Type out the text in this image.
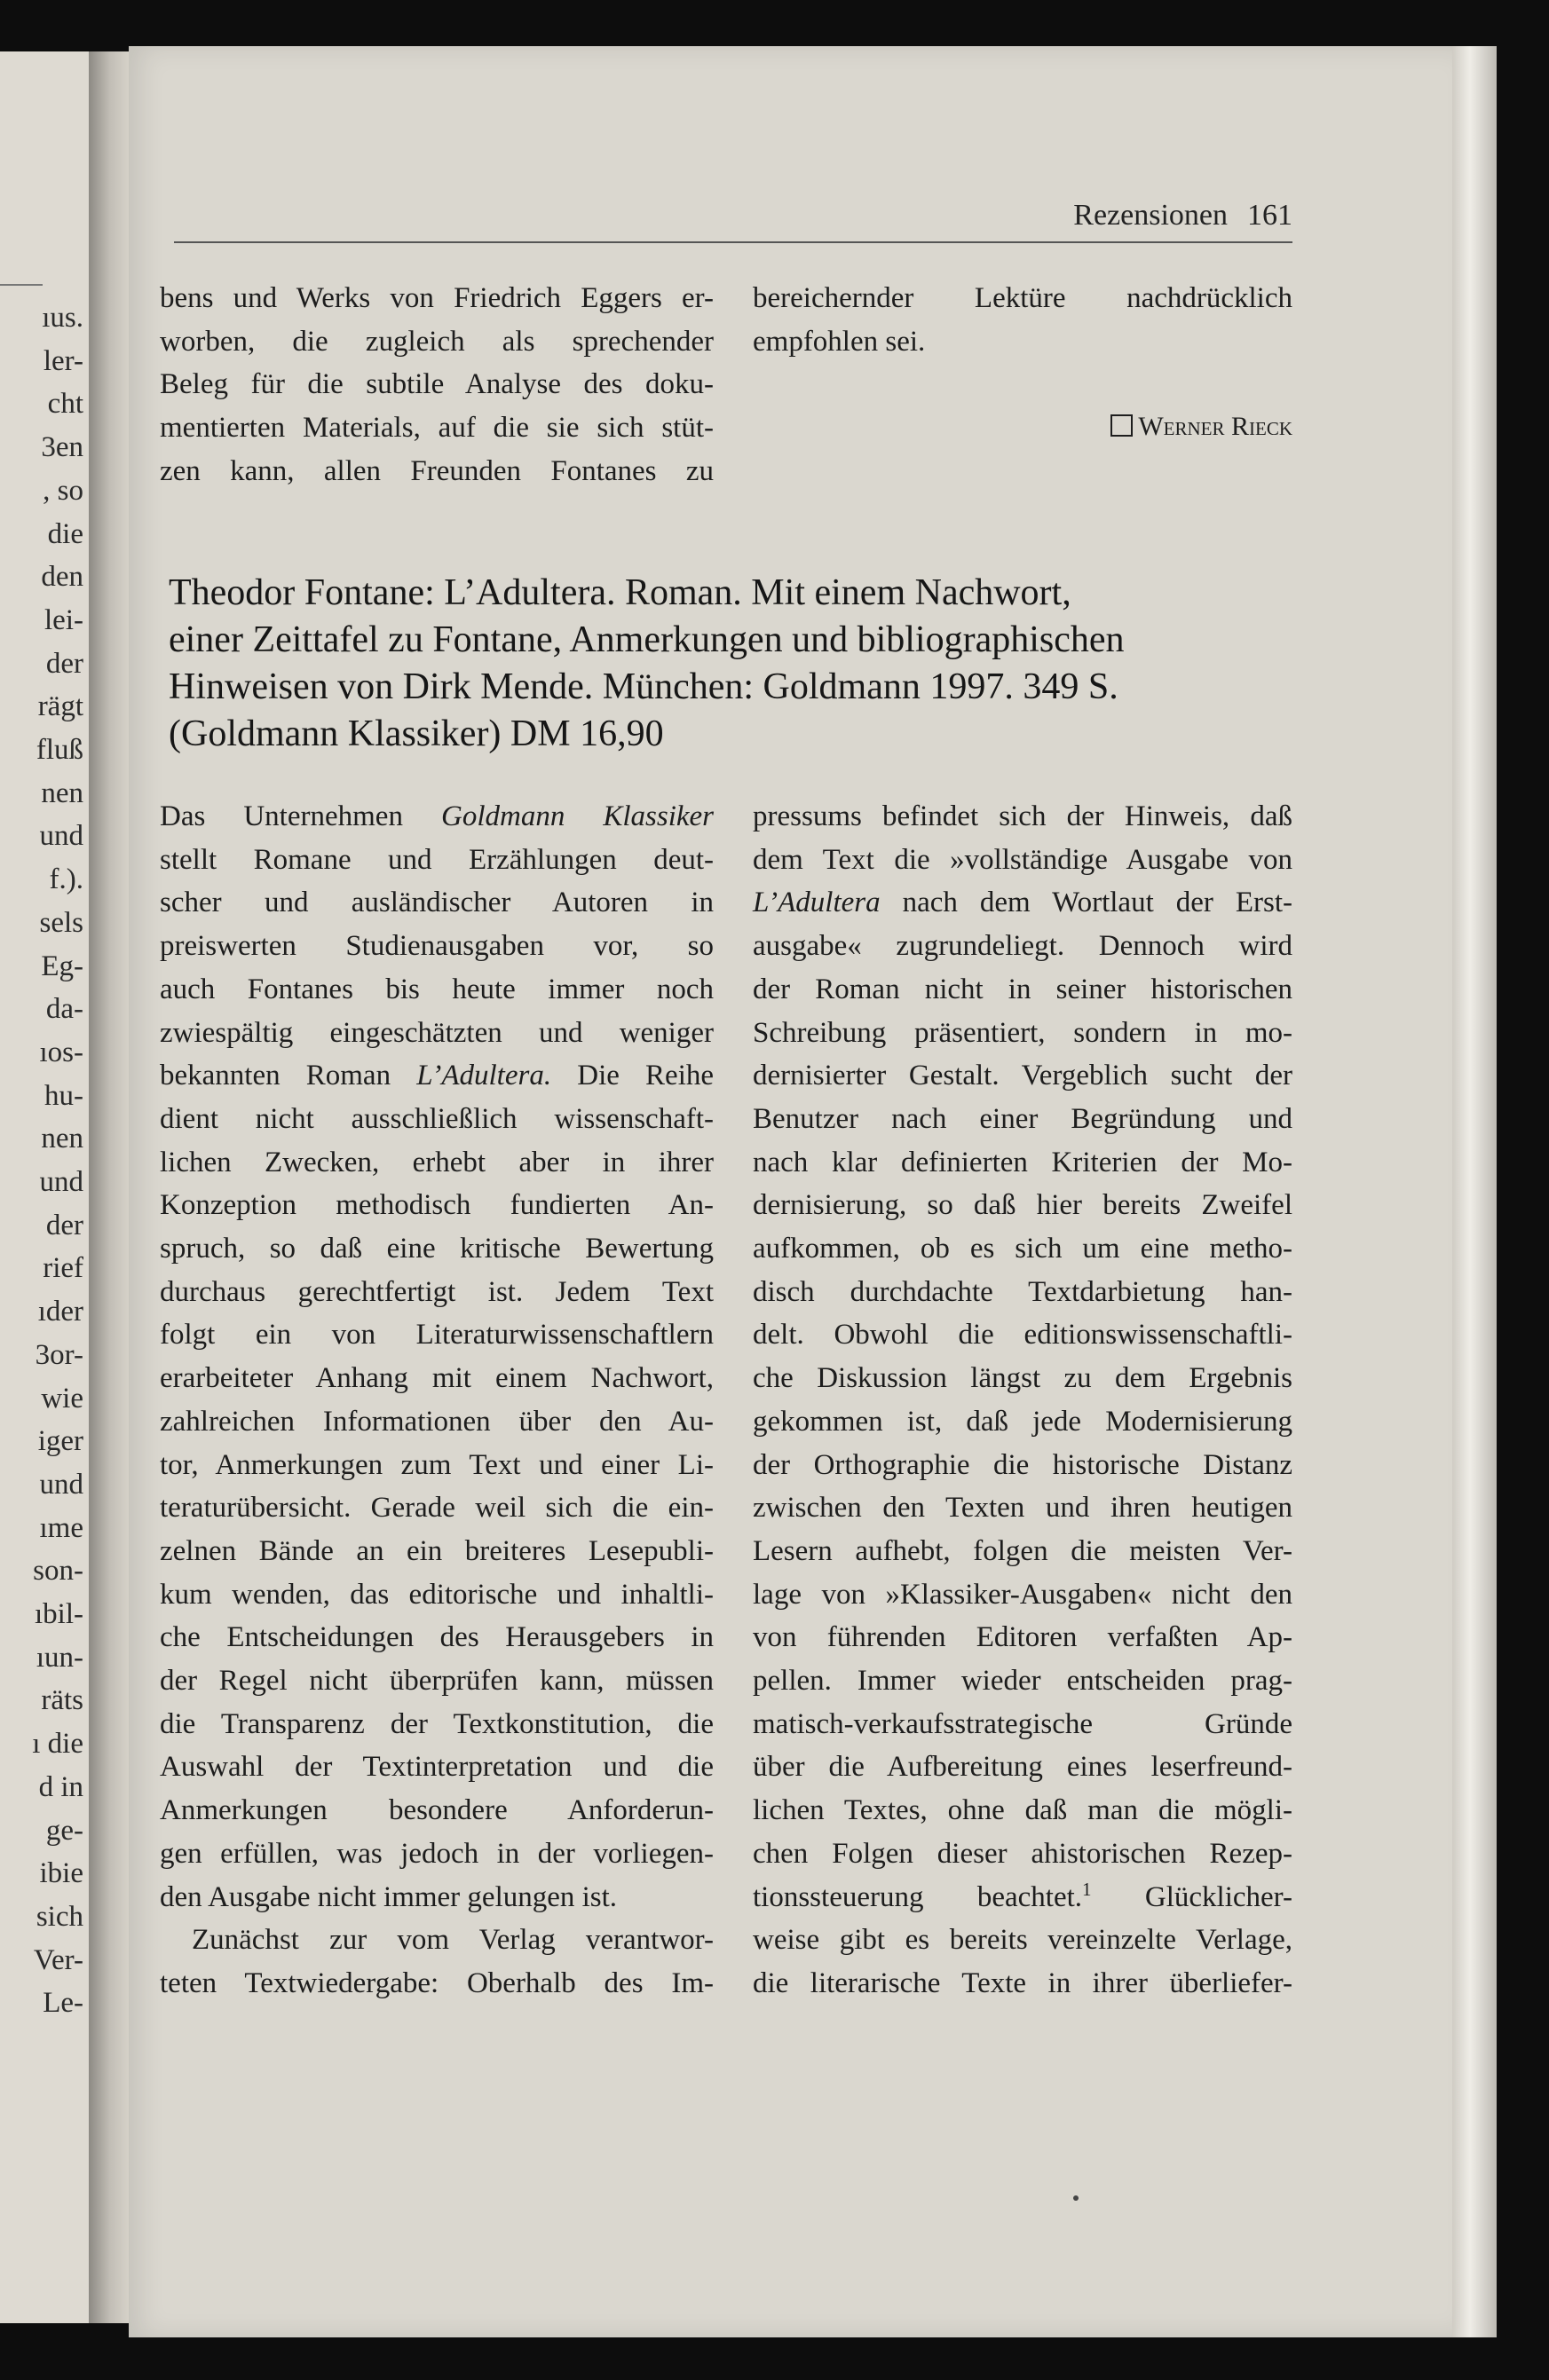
ıus.
ler-
cht
3en
, so
die
den
lei-
der
rägt
fluß
nen
und
f.).
sels
Eg-
da-
ıos-
hu-
nen
und
der
rief
ıder
3or-
wie
iger
und
ıme
son-
ıbil-
ıun-
räts
ı die
d in
ge-
ibie
sich
Ver-
Le-
Rezensionen 161
bens und Werks von Friedrich Eggers er-
worben, die zugleich als sprechender
Beleg für die subtile Analyse des doku-
mentierten Materials, auf die sie sich stüt-
zen kann, allen Freunden Fontanes zu
bereichernder Lektüre nachdrücklich
empfohlen sei.
Werner Rieck
Theodor Fontane: L’Adultera. Roman. Mit einem Nachwort,
einer Zeittafel zu Fontane, Anmerkungen und bibliographischen
Hinweisen von Dirk Mende. München: Goldmann 1997. 349 S.
(Goldmann Klassiker) DM 16,90
Das Unternehmen Goldmann Klassiker
stellt Romane und Erzählungen deut-
scher und ausländischer Autoren in
preiswerten Studienausgaben vor, so
auch Fontanes bis heute immer noch
zwiespältig eingeschätzten und weniger
bekannten Roman L’Adultera. Die Reihe
dient nicht ausschließlich wissenschaft-
lichen Zwecken, erhebt aber in ihrer
Konzeption methodisch fundierten An-
spruch, so daß eine kritische Bewertung
durchaus gerechtfertigt ist. Jedem Text
folgt ein von Literaturwissenschaftlern
erarbeiteter Anhang mit einem Nachwort,
zahlreichen Informationen über den Au-
tor, Anmerkungen zum Text und einer Li-
teraturübersicht. Gerade weil sich die ein-
zelnen Bände an ein breiteres Lesepubli-
kum wenden, das editorische und inhaltli-
che Entscheidungen des Herausgebers in
der Regel nicht überprüfen kann, müssen
die Transparenz der Textkonstitution, die
Auswahl der Textinterpretation und die
Anmerkungen besondere Anforderun-
gen erfüllen, was jedoch in der vorliegen-
den Ausgabe nicht immer gelungen ist.
Zunächst zur vom Verlag verantwor-
teten Textwiedergabe: Oberhalb des Im-
pressums befindet sich der Hinweis, daß
dem Text die »vollständige Ausgabe von
L’Adultera nach dem Wortlaut der Erst-
ausgabe« zugrundeliegt. Dennoch wird
der Roman nicht in seiner historischen
Schreibung präsentiert, sondern in mo-
dernisierter Gestalt. Vergeblich sucht der
Benutzer nach einer Begründung und
nach klar definierten Kriterien der Mo-
dernisierung, so daß hier bereits Zweifel
aufkommen, ob es sich um eine metho-
disch durchdachte Textdarbietung han-
delt. Obwohl die editionswissenschaftli-
che Diskussion längst zu dem Ergebnis
gekommen ist, daß jede Modernisierung
der Orthographie die historische Distanz
zwischen den Texten und ihren heutigen
Lesern aufhebt, folgen die meisten Ver-
lage von »Klassiker-Ausgaben« nicht den
von führenden Editoren verfaßten Ap-
pellen. Immer wieder entscheiden prag-
matisch-verkaufsstrategische Gründe
über die Aufbereitung eines leserfreund-
lichen Textes, ohne daß man die mögli-
chen Folgen dieser ahistorischen Rezep-
tionssteuerung beachtet.$^1$ Glücklicher-
weise gibt es bereits vereinzelte Verlage,
die literarische Texte in ihrer überliefer-
